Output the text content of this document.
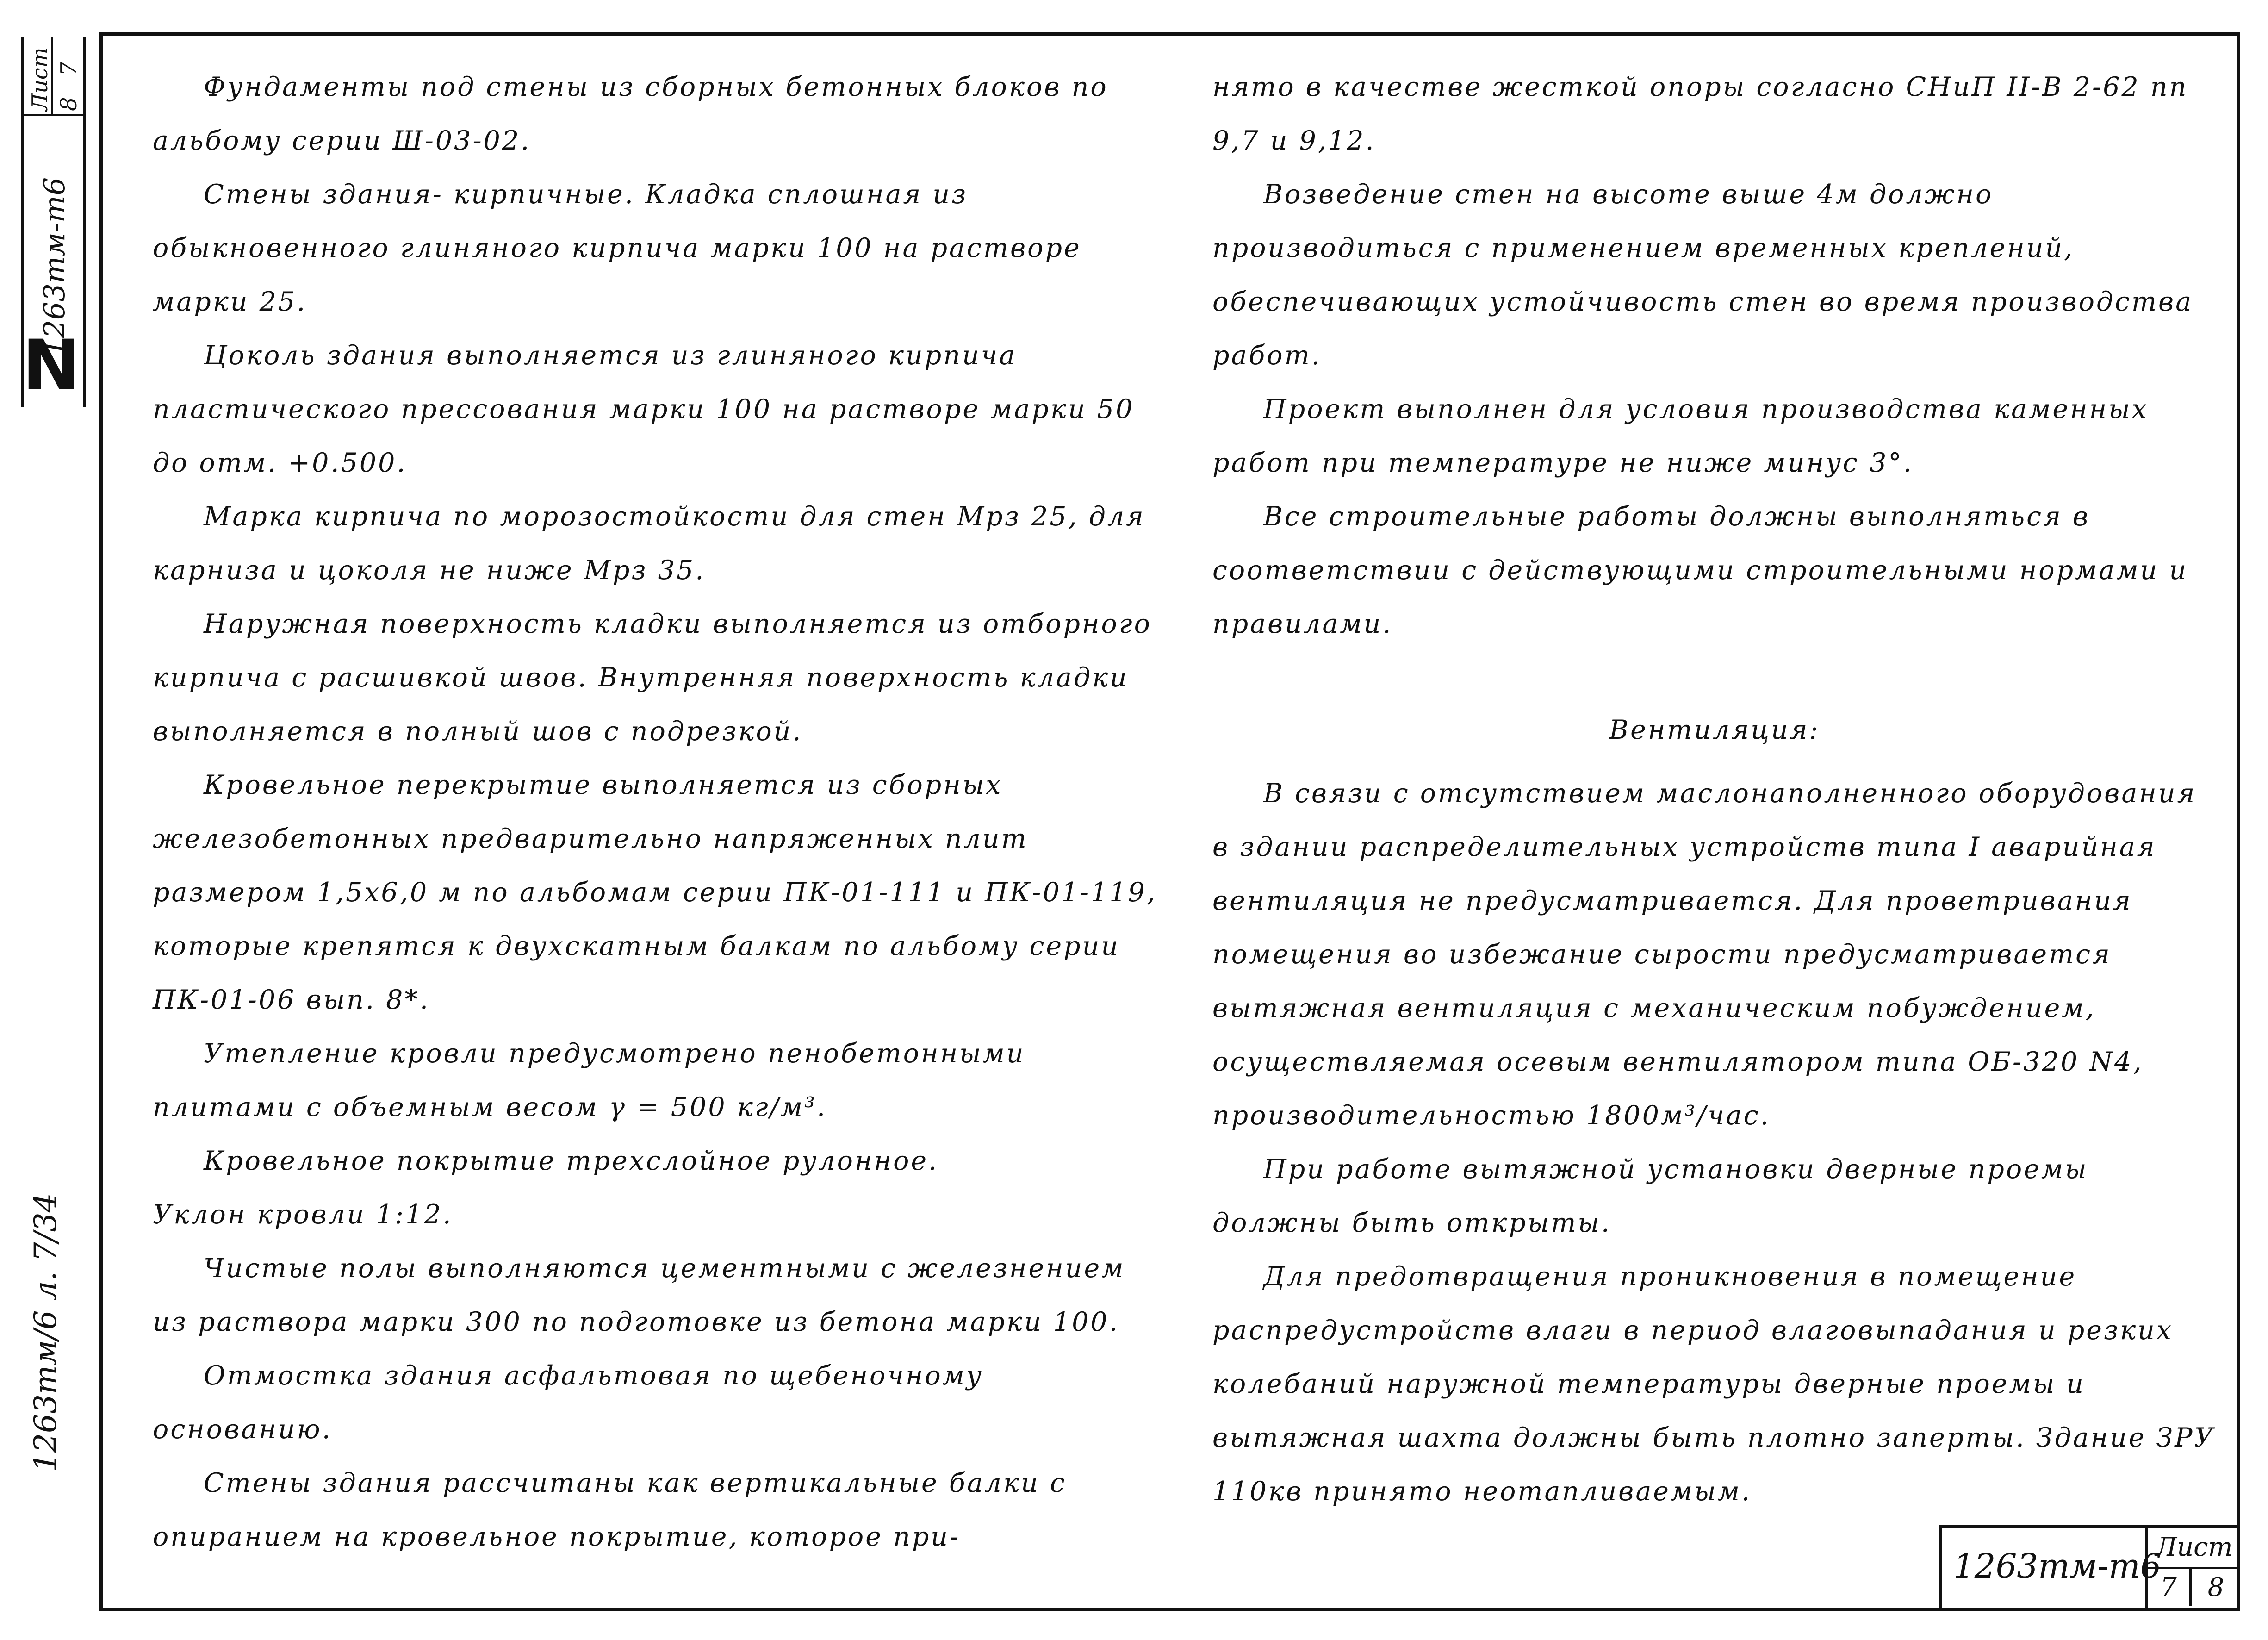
Лист 7
8
1263тм-т6
N
1263тм/6 л. 7/34

Фундаменты под стены из сборных бетонных блоков по альбому серии Ш-03-02.

Стены здания- кирпичные. Кладка сплошная из обыкновенного глиняного кирпича марки 100 на растворе марки 25.

Цоколь здания выполняется из глиняного кирпича пластического прессования марки 100 на растворе марки 50 до отм. +0.500.

Марка кирпича по морозостойкости для стен Мрз 25, для карниза и цоколя не ниже Мрз 35.

Наружная поверхность кладки выполняется из отборного кирпича с расшивкой швов. Внутренняя поверхность кладки выполняется в полный шов с подрезкой.

Кровельное перекрытие выполняется из сборных железобетонных предварительно напряженных плит размером 1,5х6,0 м по альбомам серии ПК-01-111 и ПК-01-119, которые крепятся к двухскатным балкам по альбому серии ПК-01-06 вып. 8*.

Утепление кровли предусмотрено пенобетонными плитами с объемным весом γ = 500 кг/м³.

Кровельное покрытие трехслойное рулонное.

Уклон кровли 1:12.

Чистые полы выполняются цементными с железнением из раствора марки 300 по подготовке из бетона марки 100.

Отмостка здания асфальтовая по щебеночному основанию.

Стены здания рассчитаны как вертикальные балки с опиранием на кровельное покрытие, которое при-

нято в качестве жесткой опоры согласно СНиП II-В 2-62 пп 9,7 и 9,12.

Возведение стен на высоте выше 4м должно производиться с применением временных креплений, обеспечивающих устойчивость стен во время производства работ.

Проект выполнен для условия производства каменных работ при температуре не ниже минус 3°.

Все строительные работы должны выполняться в соответствии с действующими строительными нормами и правилами.

Вентиляция:

В связи с отсутствием маслонаполненного оборудования в здании распределительных устройств типа I аварийная вентиляция не предусматривается. Для проветривания помещения во избежание сырости предусматривается вытяжная вентиляция с механическим побуждением, осуществляемая осевым вентилятором типа ОБ-320 N4, производительностью 1800м³/час.

При работе вытяжной установки дверные проемы должны быть открыты.

Для предотвращения проникновения в помещение распредустройств влаги в период влаговыпадания и резких колебаний наружной температуры дверные проемы и вытяжная шахта должны быть плотно заперты. Здание ЗРУ 110кв принято неотапливаемым.

1263тм-т6
Лист
7	8
